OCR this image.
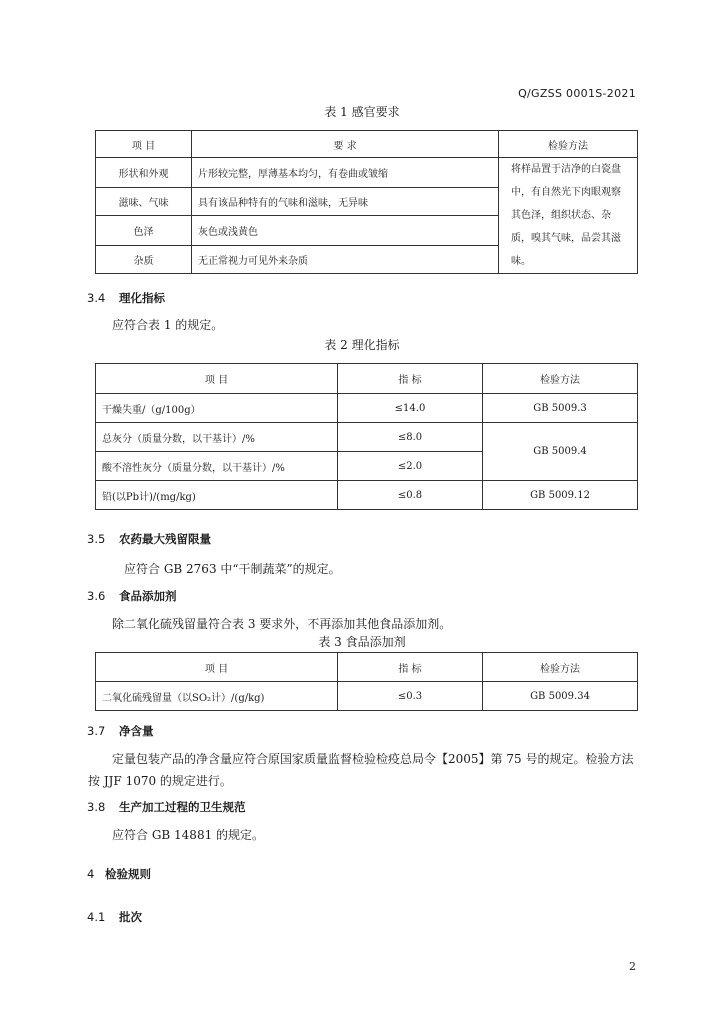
Q/GZSS 0001S-2021
表 1 感官要求
项 目	要 求	检验方法
形状和外观	片形较完整，厚薄基本均匀，有卷曲或皱缩	将样品置于洁净的白瓷盘中，有自然光下肉眼观察其色泽，组织状态、杂质，嗅其气味，品尝其滋味。

滋味、气味	具有该品种特有的气味和滋味，无异味	
色泽	灰色或浅黄色	
杂质	无正常视力可见外来杂质	
3.4 理化指标
应符合表 1 的规定。
表 2 理化指标
项 目	指 标	检验方法
干燥失重/（g/100g）	≤14.0	GB 5009.3
总灰分（质量分数，以干基计）/%	≤8.0	GB 5009.4
酸不溶性灰分（质量分数，以干基计）/%	≤2.0	
铅(以Pb计)/(mg/kg)	≤0.8	GB 5009.12
3.5 农药最大残留限量
应符合 GB 2763 中“干制蔬菜”的规定。
3.6 食品添加剂
除二氧化硫残留量符合表 3 要求外，不再添加其他食品添加剂。
表 3 食品添加剂
项 目	指 标	检验方法
二氧化硫残留量（以SO₂计）/(g/kg)	≤0.3	GB 5009.34
3.7 净含量
定量包装产品的净含量应符合原国家质量监督检验检疫总局令【2005】第 75 号的规定。检验方法
按 JJF 1070 的规定进行。
3.8 生产加工过程的卫生规范
应符合 GB 14881 的规定。
4 检验规则
4.1 批次
2
